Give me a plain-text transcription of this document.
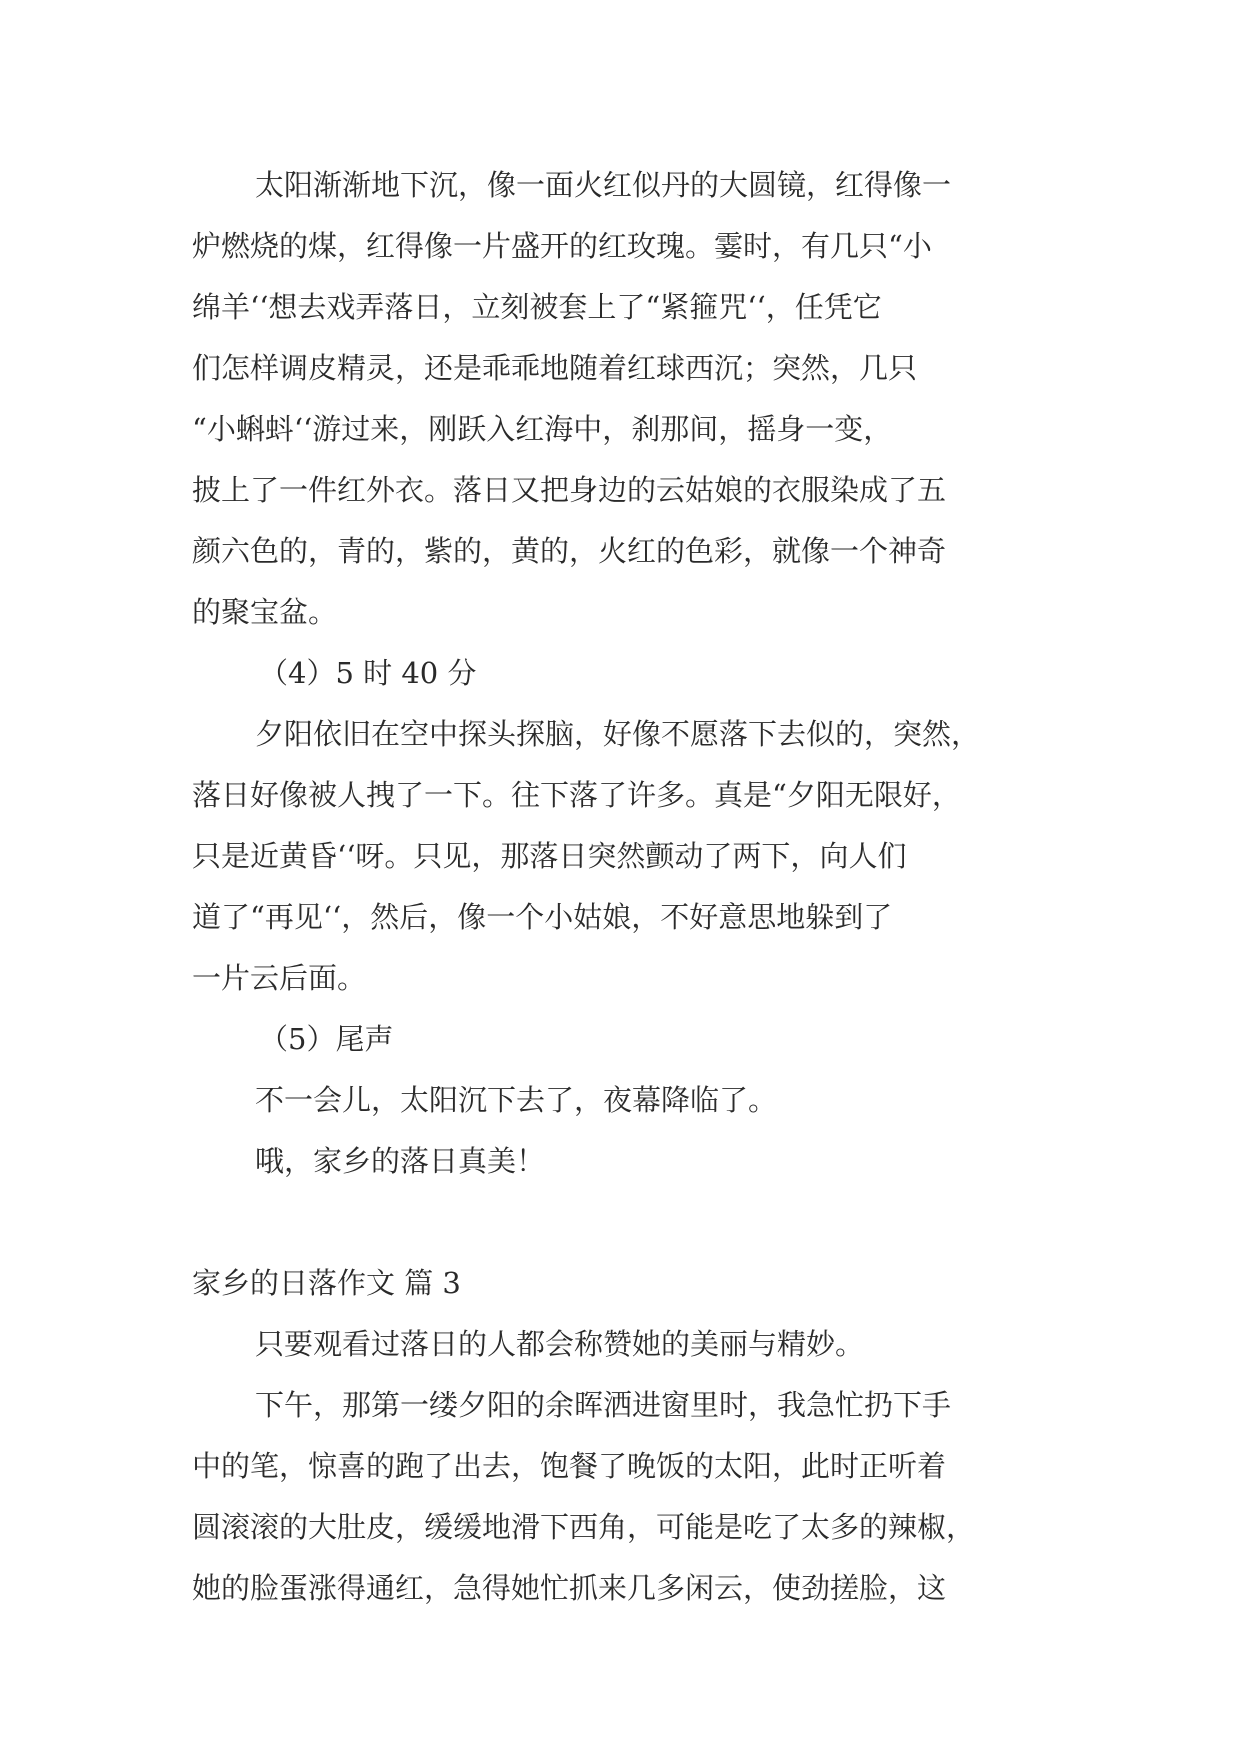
太阳渐渐地下沉，像一面火红似丹的大圆镜，红得像一
炉燃烧的煤，红得像一片盛开的红玫瑰。霎时，有几只“小
绵羊‘‘想去戏弄落日，立刻被套上了“紧箍咒‘‘，任凭它
们怎样调皮精灵，还是乖乖地随着红球西沉；突然，几只
“小蝌蚪‘‘游过来，刚跃入红海中，刹那间，摇身一变，
披上了一件红外衣。落日又把身边的云姑娘的衣服染成了五
颜六色的，青的，紫的，黄的，火红的色彩，就像一个神奇
的聚宝盆。
（4）5 时 40 分
夕阳依旧在空中探头探脑，好像不愿落下去似的，突然，
落日好像被人拽了一下。往下落了许多。真是“夕阳无限好，
只是近黄昏‘‘呀。只见，那落日突然颤动了两下，向人们
道了“再见‘‘，然后，像一个小姑娘，不好意思地躲到了
一片云后面。
（5）尾声
不一会儿，太阳沉下去了，夜幕降临了。
哦，家乡的落日真美！
家乡的日落作文 篇 3
只要观看过落日的人都会称赞她的美丽与精妙。
下午，那第一缕夕阳的余晖洒进窗里时，我急忙扔下手
中的笔，惊喜的跑了出去，饱餐了晚饭的太阳，此时正听着
圆滚滚的大肚皮，缓缓地滑下西角，可能是吃了太多的辣椒，
她的脸蛋涨得通红，急得她忙抓来几多闲云，使劲搓脸，这
